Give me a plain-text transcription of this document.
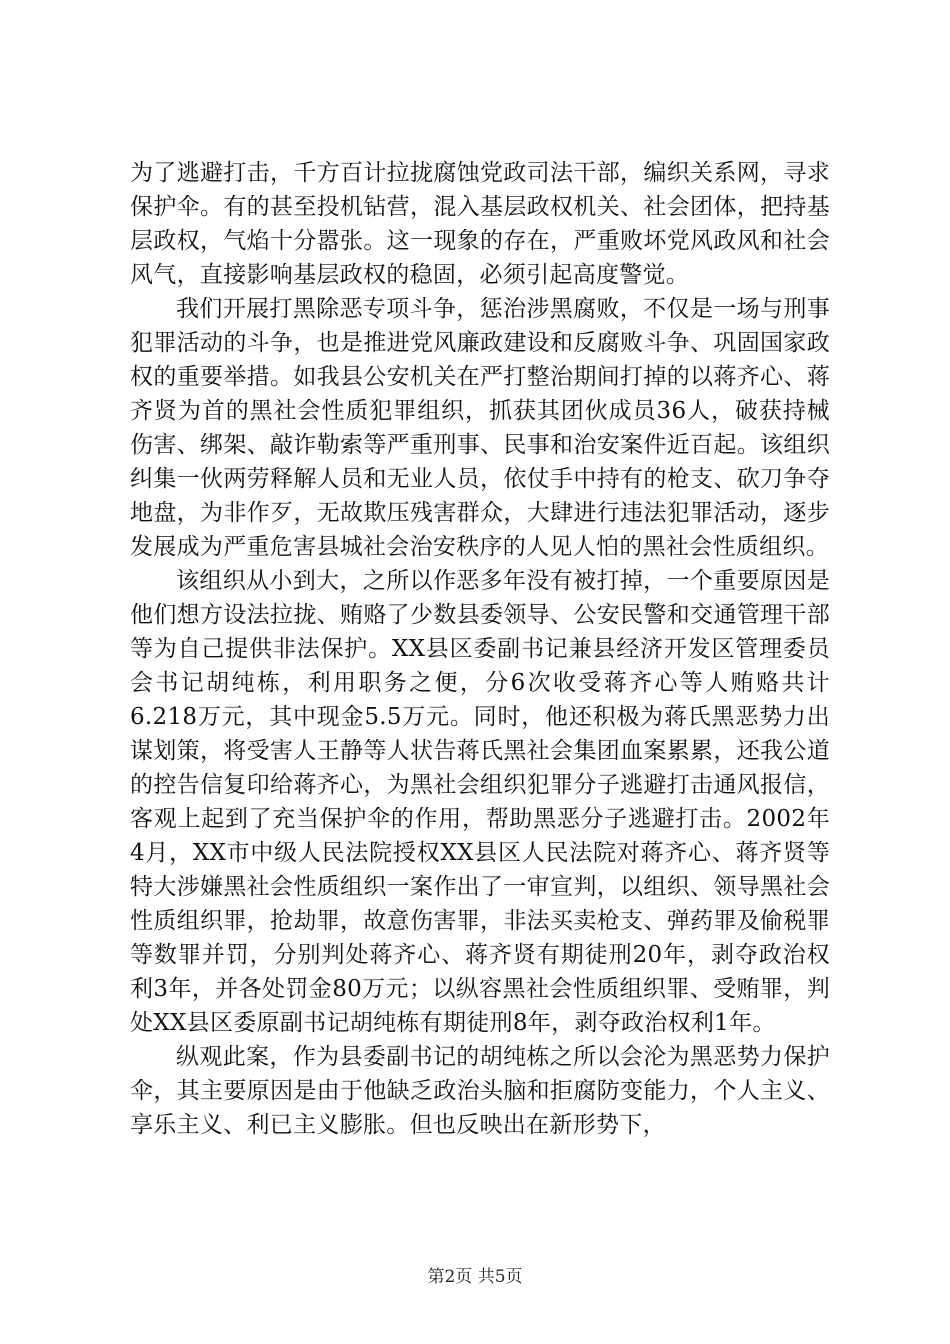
为了逃避打击，千方百计拉拢腐蚀党政司法干部，编织关系网，寻求保护伞。有的甚至投机钻营，混入基层政权机关、社会团体，把持基层政权，气焰十分嚣张。这一现象的存在，严重败坏党风政风和社会风气，直接影响基层政权的稳固，必须引起高度警觉。

我们开展打黑除恶专项斗争，惩治涉黑腐败，不仅是一场与刑事犯罪活动的斗争，也是推进党风廉政建设和反腐败斗争、巩固国家政权的重要举措。如我县公安机关在严打整治期间打掉的以蒋齐心、蒋齐贤为首的黑社会性质犯罪组织，抓获其团伙成员36人，破获持械伤害、绑架、敲诈勒索等严重刑事、民事和治安案件近百起。该组织纠集一伙两劳释解人员和无业人员，依仗手中持有的枪支、砍刀争夺地盘，为非作歹，无故欺压残害群众，大肆进行违法犯罪活动，逐步发展成为严重危害县城社会治安秩序的人见人怕的黑社会性质组织。

该组织从小到大，之所以作恶多年没有被打掉，一个重要原因是他们想方设法拉拢、贿赂了少数县委领导、公安民警和交通管理干部等为自己提供非法保护。XX县区委副书记兼县经济开发区管理委员会书记胡纯栋，利用职务之便，分6次收受蒋齐心等人贿赂共计6.218万元，其中现金5.5万元。同时，他还积极为蒋氏黑恶势力出谋划策，将受害人王静等人状告蒋氏黑社会集团血案累累，还我公道的控告信复印给蒋齐心，为黑社会组织犯罪分子逃避打击通风报信，客观上起到了充当保护伞的作用，帮助黑恶分子逃避打击。2002年4月，XX市中级人民法院授权XX县区人民法院对蒋齐心、蒋齐贤等特大涉嫌黑社会性质组织一案作出了一审宣判，以组织、领导黑社会性质组织罪，抢劫罪，故意伤害罪，非法买卖枪支、弹药罪及偷税罪等数罪并罚，分别判处蒋齐心、蒋齐贤有期徒刑20年，剥夺政治权利3年，并各处罚金80万元；以纵容黑社会性质组织罪、受贿罪，判处XX县区委原副书记胡纯栋有期徒刑8年，剥夺政治权利1年。

纵观此案，作为县委副书记的胡纯栋之所以会沦为黑恶势力保护伞，其主要原因是由于他缺乏政治头脑和拒腐防变能力，个人主义、享乐主义、利已主义膨胀。但也反映出在新形势下，

第2页 共5页
